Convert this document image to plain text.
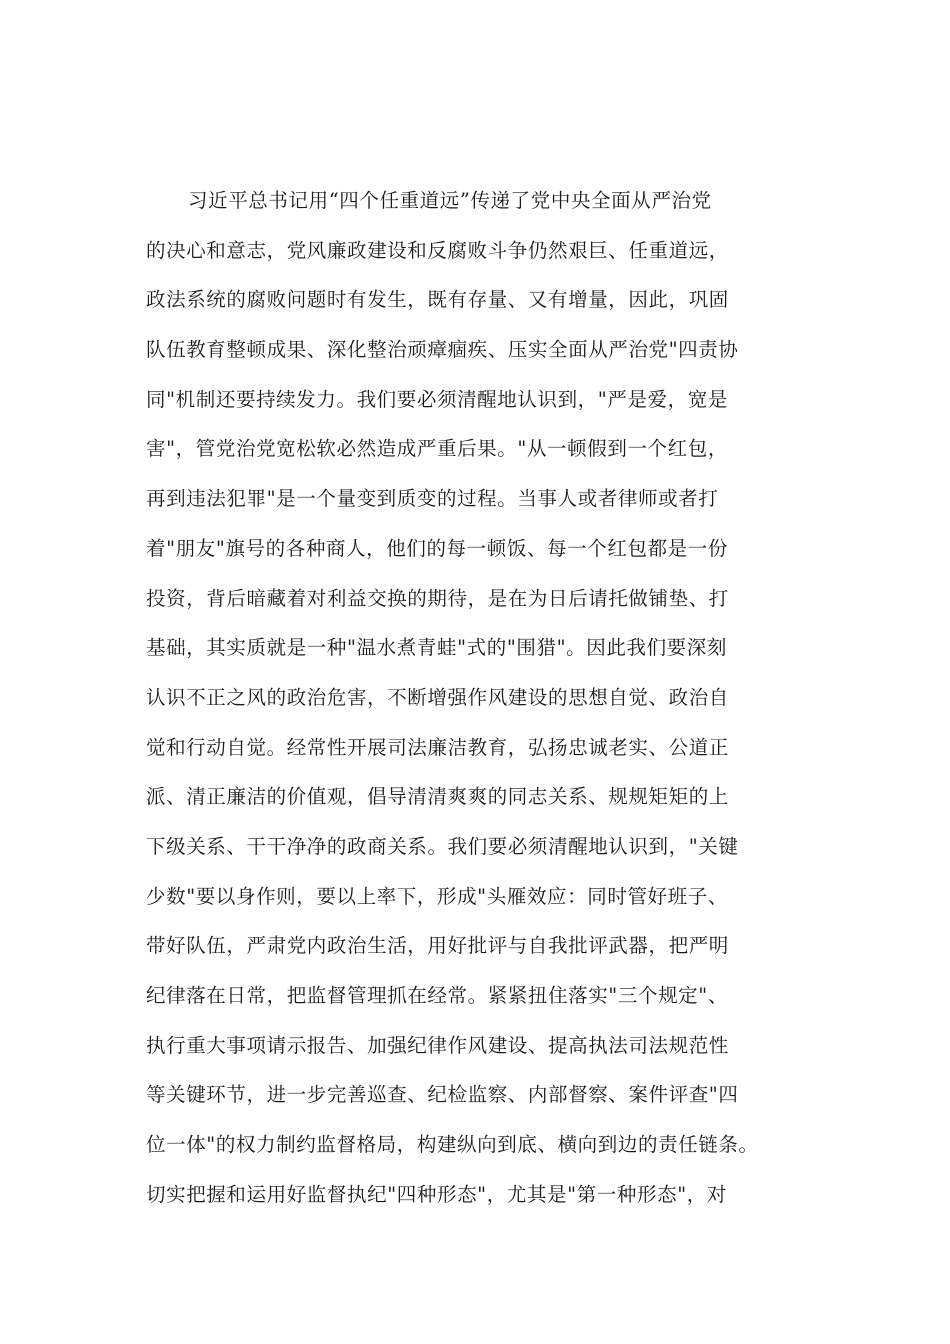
习近平总书记用“四个任重道远”传递了党中央全面从严治党
的决心和意志，党风廉政建设和反腐败斗争仍然艰巨、任重道远，
政法系统的腐败问题时有发生，既有存量、又有增量，因此，巩固
队伍教育整顿成果、深化整治顽瘴痼疾、压实全面从严治党"四责协
同"机制还要持续发力。我们要必须清醒地认识到，"严是爱，宽是
害"，管党治党宽松软必然造成严重后果。"从一顿假到一个红包，
再到违法犯罪"是一个量变到质变的过程。当事人或者律师或者打
着"朋友"旗号的各种商人，他们的每一顿饭、每一个红包都是一份
投资，背后暗藏着对利益交换的期待，是在为日后请托做铺垫、打
基础，其实质就是一种"温水煮青蛙"式的"围猎"。因此我们要深刻
认识不正之风的政治危害，不断增强作风建设的思想自觉、政治自
觉和行动自觉。经常性开展司法廉洁教育，弘扬忠诚老实、公道正
派、清正廉洁的价值观，倡导清清爽爽的同志关系、规规矩矩的上
下级关系、干干净净的政商关系。我们要必须清醒地认识到，"关键
少数"要以身作则，要以上率下，形成"头雁效应：同时管好班子、
带好队伍，严肃党内政治生活，用好批评与自我批评武器，把严明
纪律落在日常，把监督管理抓在经常。紧紧扭住落实"三个规定"、
执行重大事项请示报告、加强纪律作风建设、提高执法司法规范性
等关键环节，进一步完善巡查、纪检监察、内部督察、案件评查"四
位一体"的权力制约监督格局，构建纵向到底、横向到边的责任链条。
切实把握和运用好监督执纪"四种形态"，尤其是"第一种形态"，对
